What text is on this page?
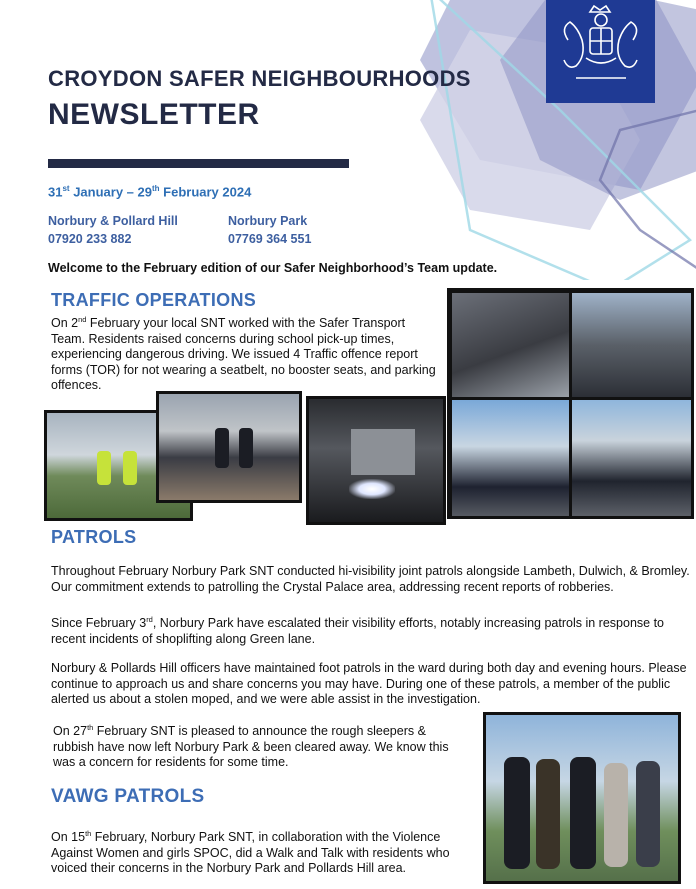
CROYDON SAFER NEIGHBOURHOODS
NEWSLETTER
31st January – 29th February 2024
Norbury & Pollard Hill
07920 233 882
Norbury Park
07769 364 551
Welcome to the February edition of our Safer Neighborhood’s Team update.
TRAFFIC OPERATIONS
On 2nd February your local SNT worked with the Safer Transport Team. Residents raised concerns during school pick-up times, experiencing dangerous driving. We issued 4 Traffic offence report forms (TOR) for not wearing a seatbelt, no booster seats, and parking offences.
PATROLS
Throughout February Norbury Park SNT conducted hi-visibility joint patrols alongside Lambeth, Dulwich, & Bromley. Our commitment extends to patrolling the Crystal Palace area, addressing recent reports of robberies.
Since February 3rd, Norbury Park have escalated their visibility efforts, notably increasing patrols in response to recent incidents of shoplifting along Green lane.
Norbury & Pollards Hill officers have maintained foot patrols in the ward during both day and evening hours. Please continue to approach us and share concerns you may have. During one of these patrols, a member of the public alerted us about a stolen moped, and we were able assist in the investigation.
On 27th February SNT is pleased to announce the rough sleepers & rubbish have now left Norbury Park & been cleared away. We know this was a concern for residents for some time.
VAWG PATROLS
On 15th February, Norbury Park SNT, in collaboration with the Violence Against Women and girls SPOC, did a Walk and Talk with residents who voiced their concerns in the Norbury Park and Pollards Hill area.
